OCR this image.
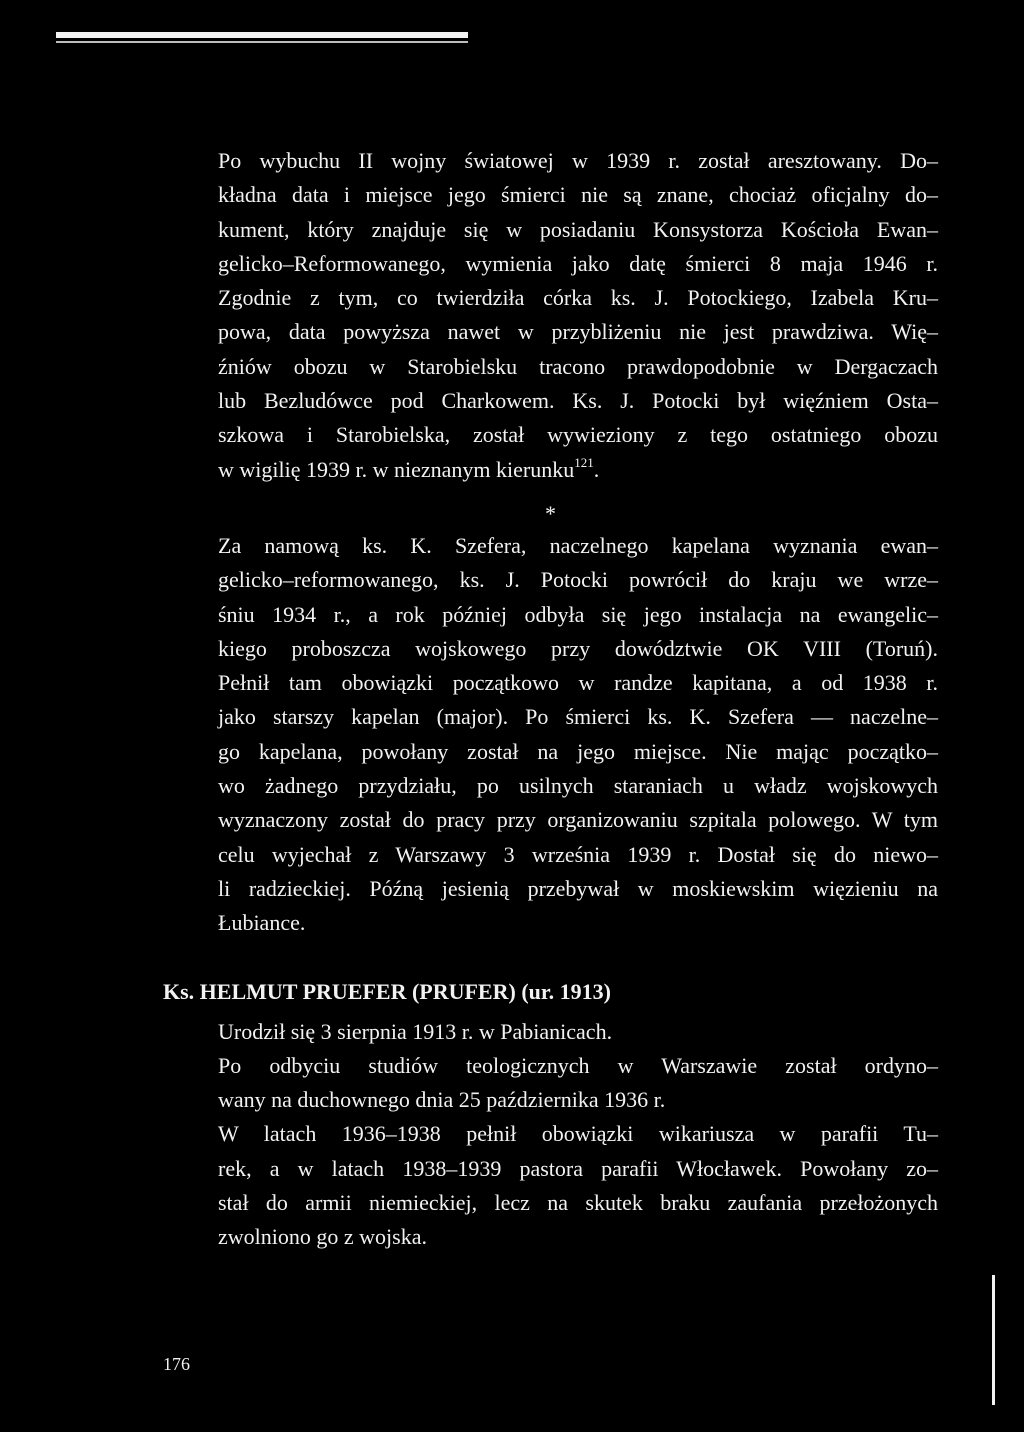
Po wybuchu II wojny światowej w 1939 r. został aresztowany. Do–
kładna data i miejsce jego śmierci nie są znane, chociaż oficjalny do–
kument, który znajduje się w posiadaniu Konsystorza Kościoła Ewan–
gelicko–Reformowanego, wymienia jako datę śmierci 8 maja 1946 r.
Zgodnie z tym, co twierdziła córka ks. J. Potockiego, Izabela Kru–
powa, data powyższa nawet w przybliżeniu nie jest prawdziwa. Wię–
źniów obozu w Starobielsku tracono prawdopodobnie w Dergaczach
lub Bezludówce pod Charkowem. Ks. J. Potocki był więźniem Osta–
szkowa i Starobielska, został wywieziony z tego ostatniego obozu
w wigilię 1939 r. w nieznanym kierunku$^{121}$.

*

Za namową ks. K. Szefera, naczelnego kapelana wyznania ewan–
gelicko–reformowanego, ks. J. Potocki powrócił do kraju we wrze–
śniu 1934 r., a rok później odbyła się jego instalacja na ewangelic–
kiego proboszcza wojskowego przy dowództwie OK VIII (Toruń).
Pełnił tam obowiązki początkowo w randze kapitana, a od 1938 r.
jako starszy kapelan (major). Po śmierci ks. K. Szefera — naczelne–
go kapelana, powołany został na jego miejsce. Nie mając początko–
wo żadnego przydziału, po usilnych staraniach u władz wojskowych
wyznaczony został do pracy przy organizowaniu szpitala polowego. W tym
celu wyjechał z Warszawy 3 września 1939 r. Dostał się do niewo–
li radzieckiej. Późną jesienią przebywał w moskiewskim więzieniu na
Łubiance.

Ks. HELMUT PRUEFER (PRUFER) (ur. 1913)

Urodził się 3 sierpnia 1913 r. w Pabianicach.

Po odbyciu studiów teologicznych w Warszawie został ordyno–
wany na duchownego dnia 25 października 1936 r.

W latach 1936–1938 pełnił obowiązki wikariusza w parafii Tu–
rek, a w latach 1938–1939 pastora parafii Włocławek. Powołany zo–
stał do armii niemieckiej, lecz na skutek braku zaufania przełożonych
zwolniono go z wojska.

176
